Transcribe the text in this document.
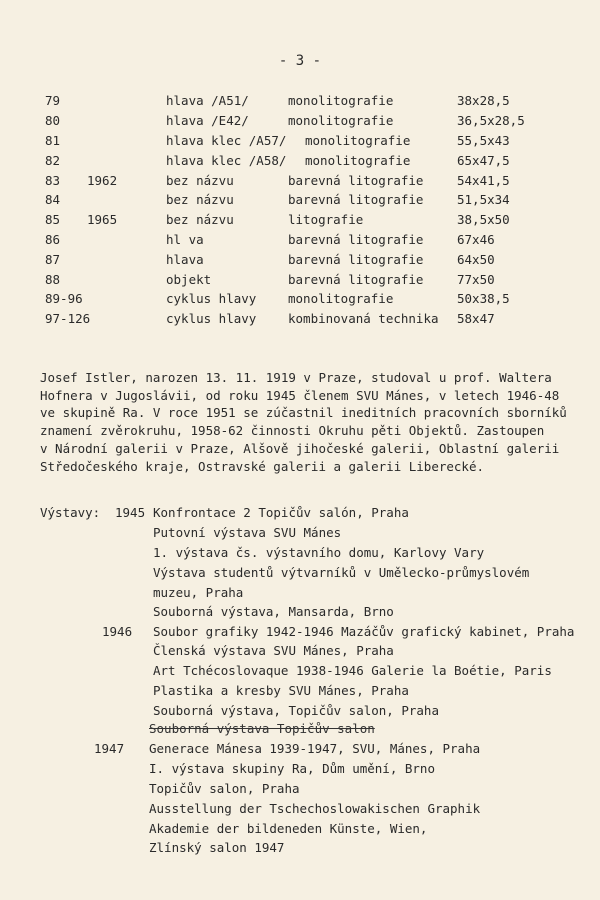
- 3 -
79	hlava /A51/	monolitografie	38x28,5
80	hlava /E42/	monolitografie	36,5x28,5
81	hlava klec /A57/ monolitografie	55,5x43
82	hlava klec /A58/ monolitografie	65x47,5
83 1962	bez názvu	barevná litografie	54x41,5
84	bez názvu	barevná litografie	51,5x34
85 1965	bez názvu	litografie	38,5x50
86	hl va	barevná litografie	67x46
87	hlava	barevná litografie	64x50
88	objekt	barevná litografie	77x50
89-96	cyklus hlavy	monolitografie	50x38,5
97-126	cyklus hlavy	kombinovaná technika 58x47
Josef Istler, narozen 13. 11. 1919 v Praze, studoval u prof. Waltera
Hofnera v Jugoslávii, od roku 1945 členem SVU Mánes, v letech 1946-48
ve skupině Ra. V roce 1951 se zúčastnil ineditních pracovních sborníků
znamení zvěrokruhu, 1958-62 činnosti Okruhu pěti Objektů. Zastoupen
v Národní galerii v Praze, Alšově jihočeské galerii, Oblastní galerii
Středočeského kraje, Ostravské galerii a galerii Liberecké.
Výstavy: 1945 Konfrontace 2 Topičův salón, Praha
Putovní výstava SVU Mánes
1. výstava čs. výstavního domu, Karlovy Vary
Výstava studentů výtvarníků v Umělecko-průmyslovém
muzeu, Praha
Souborná výstava, Mansarda, Brno
1946 Soubor grafiky 1942-1946 Mazáčův grafický kabinet, Praha
Členská výstava SVU Mánes, Praha
Art Tchécoslovaque 1938-1946 Galerie la Boétie, Paris
Plastika a kresby SVU Mánes, Praha
Souborná výstava, Topičův salon, Praha
Souborná výstava Topičův salon
1947 Generace Mánesa 1939-1947, SVU, Mánes, Praha
I. výstava skupiny Ra, Dům umění, Brno
Topičův salon, Praha
Ausstellung der Tschechoslowakischen Graphik
Akademie der bildeneden Künste, Wien,
Zlínský salon 1947
